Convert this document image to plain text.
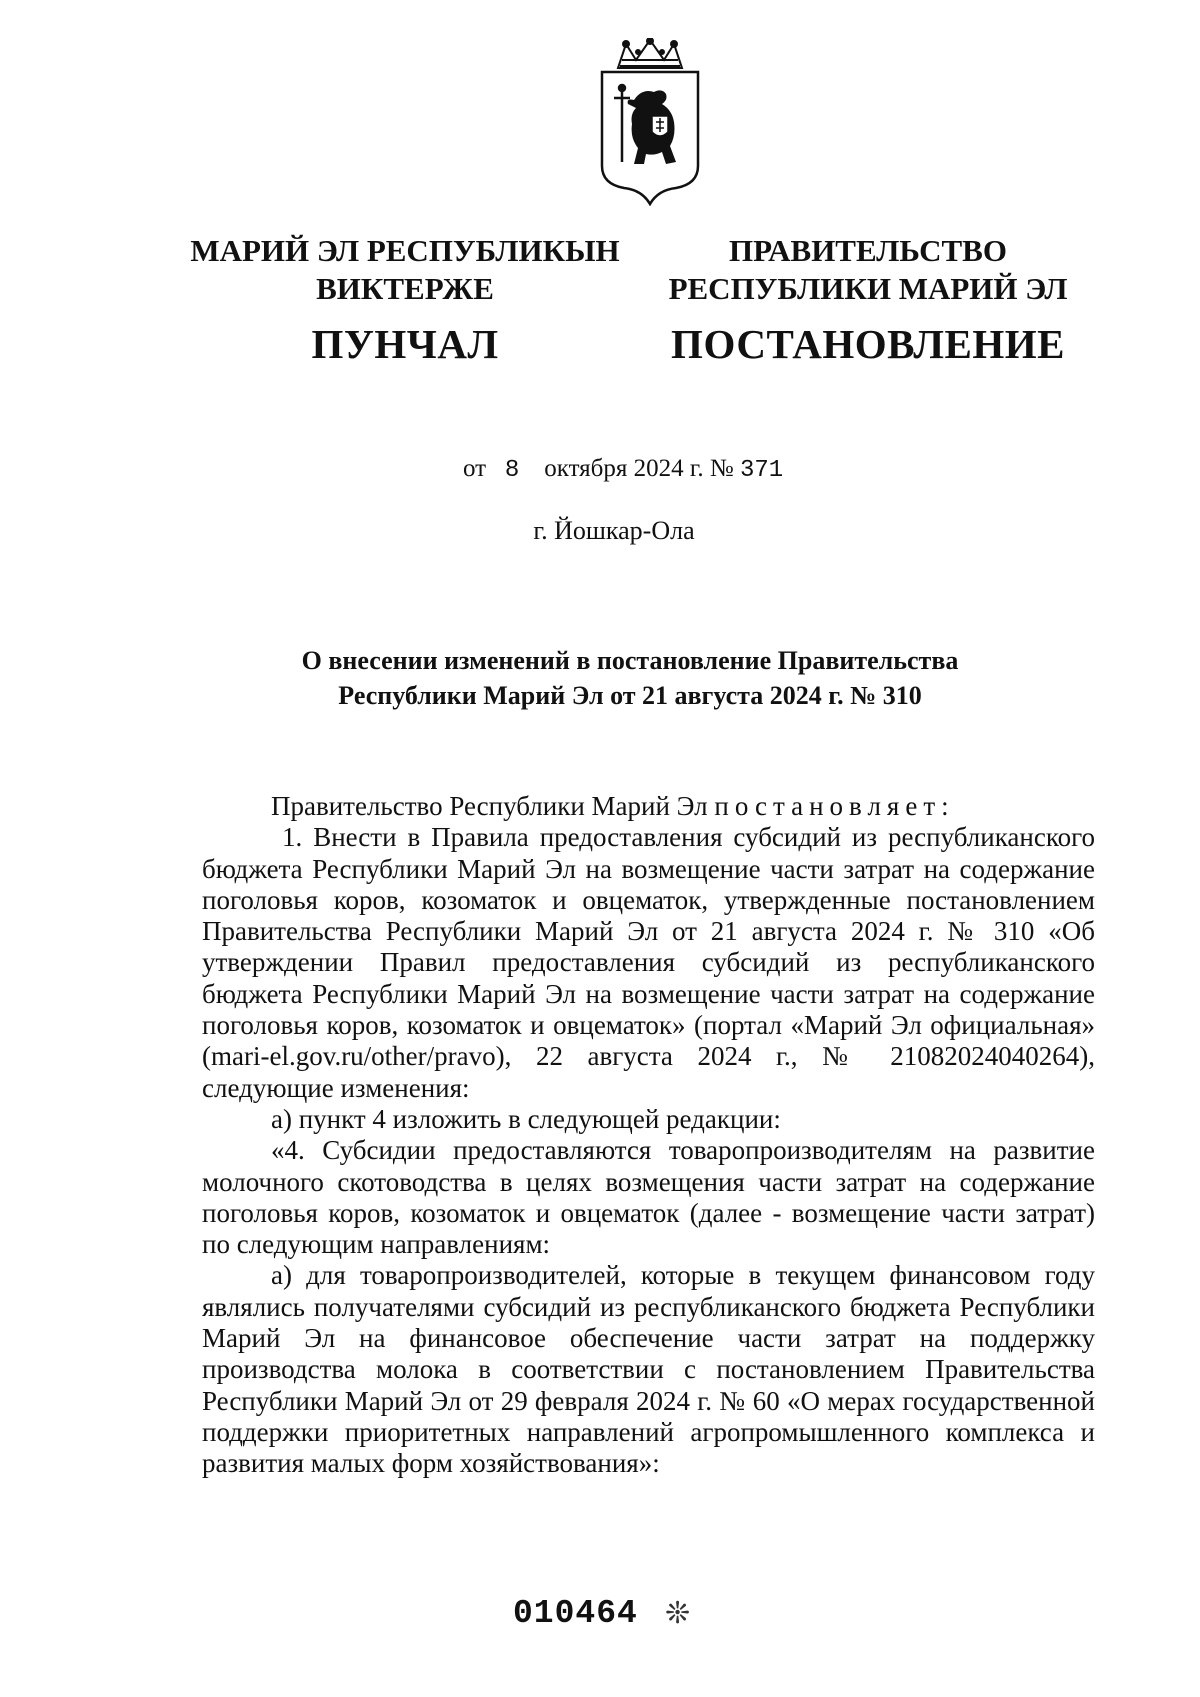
МАРИЙ ЭЛ РЕСПУБЛИКЫН
ВИКТЕРЖЕ
ПУНЧАЛ
ПРАВИТЕЛЬСТВО
РЕСПУБЛИКИ МАРИЙ ЭЛ
ПОСТАНОВЛЕНИЕ
от 8 октября 2024 г. № 371
г. Йошкар-Ола
О внесении изменений в постановление Правительства
Республики Марий Эл от 21 августа 2024 г. № 310

Правительство Республики Марий Эл постановляет:

1. Внести в Правила предоставления субсидий из республиканского бюджета Республики Марий Эл на возмещение части затрат на содержание поголовья коров, козоматок и овцематок, утвержденные постановлением Правительства Республики Марий Эл от 21 августа 2024 г. № 310 «Об утверждении Правил предоставления субсидий из республиканского бюджета Республики Марий Эл на возмещение части затрат на содержание поголовья коров, козоматок и овцематок» (портал «Марий Эл официальная» (mari-el.gov.ru/other/pravo), 22 августа 2024 г., № 21082024040264), следующие изменения:

а) пункт 4 изложить в следующей редакции:

«4. Субсидии предоставляются товаропроизводителям на развитие молочного скотоводства в целях возмещения части затрат на содержание поголовья коров, козоматок и овцематок (далее - возмещение части затрат) по следующим направлениям:

а) для товаропроизводителей, которые в текущем финансовом году являлись получателями субсидий из республиканского бюджета Республики Марий Эл на финансовое обеспечение части затрат на поддержку производства молока в соответствии с постановлением Правительства Республики Марий Эл от 29 февраля 2024 г. № 60 «О мерах государственной поддержки приоритетных направлений агропромышленного комплекса и развития малых форм хозяйствования»:

010464 ❊
